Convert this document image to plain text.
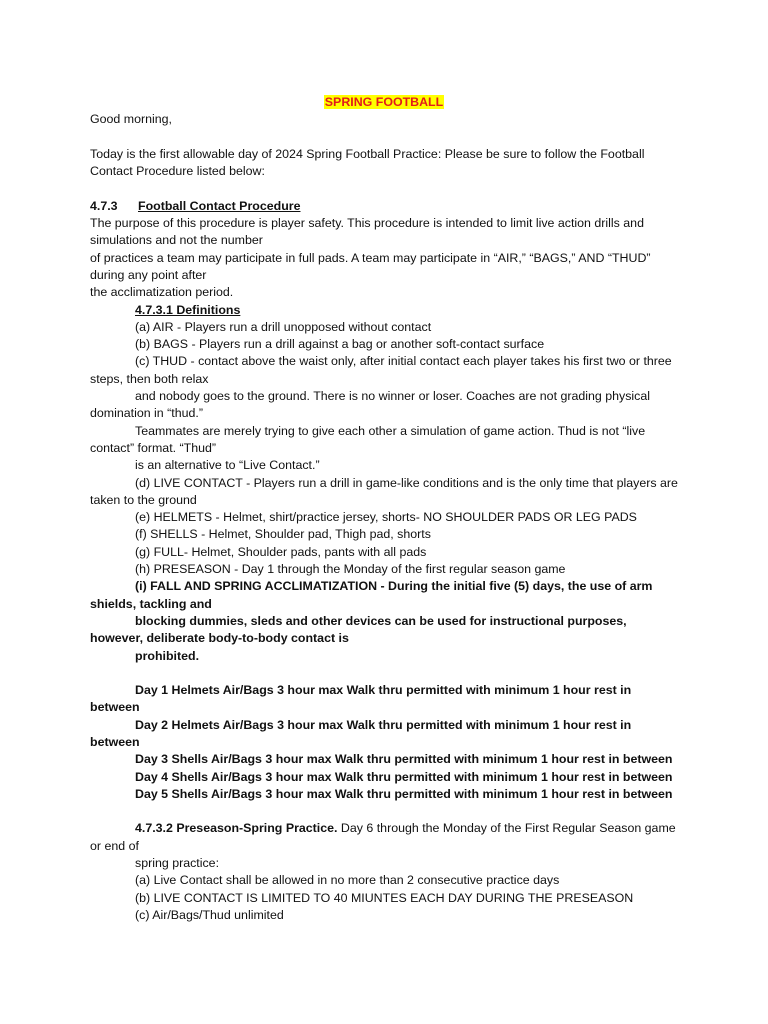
SPRING FOOTBALL

Good morning,

Today is the first allowable day of 2024 Spring Football Practice: Please be sure to follow the Football Contact Procedure listed below:

4.7.3 Football Contact Procedure

The purpose of this procedure is player safety. This procedure is intended to limit live action drills and simulations and not the number

of practices a team may participate in full pads. A team may participate in “AIR,” “BAGS,” AND “THUD” during any point after

the acclimatization period.

4.7.3.1 Definitions

(a) AIR - Players run a drill unopposed without contact

(b) BAGS - Players run a drill against a bag or another soft-contact surface

(c) THUD - contact above the waist only, after initial contact each player takes his first two or three steps, then both relax

and nobody goes to the ground. There is no winner or loser. Coaches are not grading physical domination in “thud.”

Teammates are merely trying to give each other a simulation of game action. Thud is not “live contact” format. “Thud”

is an alternative to “Live Contact.”

(d) LIVE CONTACT - Players run a drill in game-like conditions and is the only time that players are taken to the ground

(e) HELMETS - Helmet, shirt/practice jersey, shorts- NO SHOULDER PADS OR LEG PADS

(f) SHELLS - Helmet, Shoulder pad, Thigh pad, shorts

(g) FULL- Helmet, Shoulder pads, pants with all pads

(h) PRESEASON - Day 1 through the Monday of the first regular season game

(i) FALL AND SPRING ACCLIMATIZATION - During the initial five (5) days, the use of arm shields, tackling and

blocking dummies, sleds and other devices can be used for instructional purposes, however, deliberate body-to-body contact is

prohibited.

Day 1 Helmets Air/Bags 3 hour max Walk thru permitted with minimum 1 hour rest in between

Day 2 Helmets Air/Bags 3 hour max Walk thru permitted with minimum 1 hour rest in between

Day 3 Shells Air/Bags 3 hour max Walk thru permitted with minimum 1 hour rest in between

Day 4 Shells Air/Bags 3 hour max Walk thru permitted with minimum 1 hour rest in between

Day 5 Shells Air/Bags 3 hour max Walk thru permitted with minimum 1 hour rest in between

4.7.3.2 Preseason-Spring Practice. Day 6 through the Monday of the First Regular Season game or end of

spring practice:

(a) Live Contact shall be allowed in no more than 2 consecutive practice days

(b) LIVE CONTACT IS LIMITED TO 40 MIUNTES EACH DAY DURING THE PRESEASON

(c) Air/Bags/Thud unlimited
